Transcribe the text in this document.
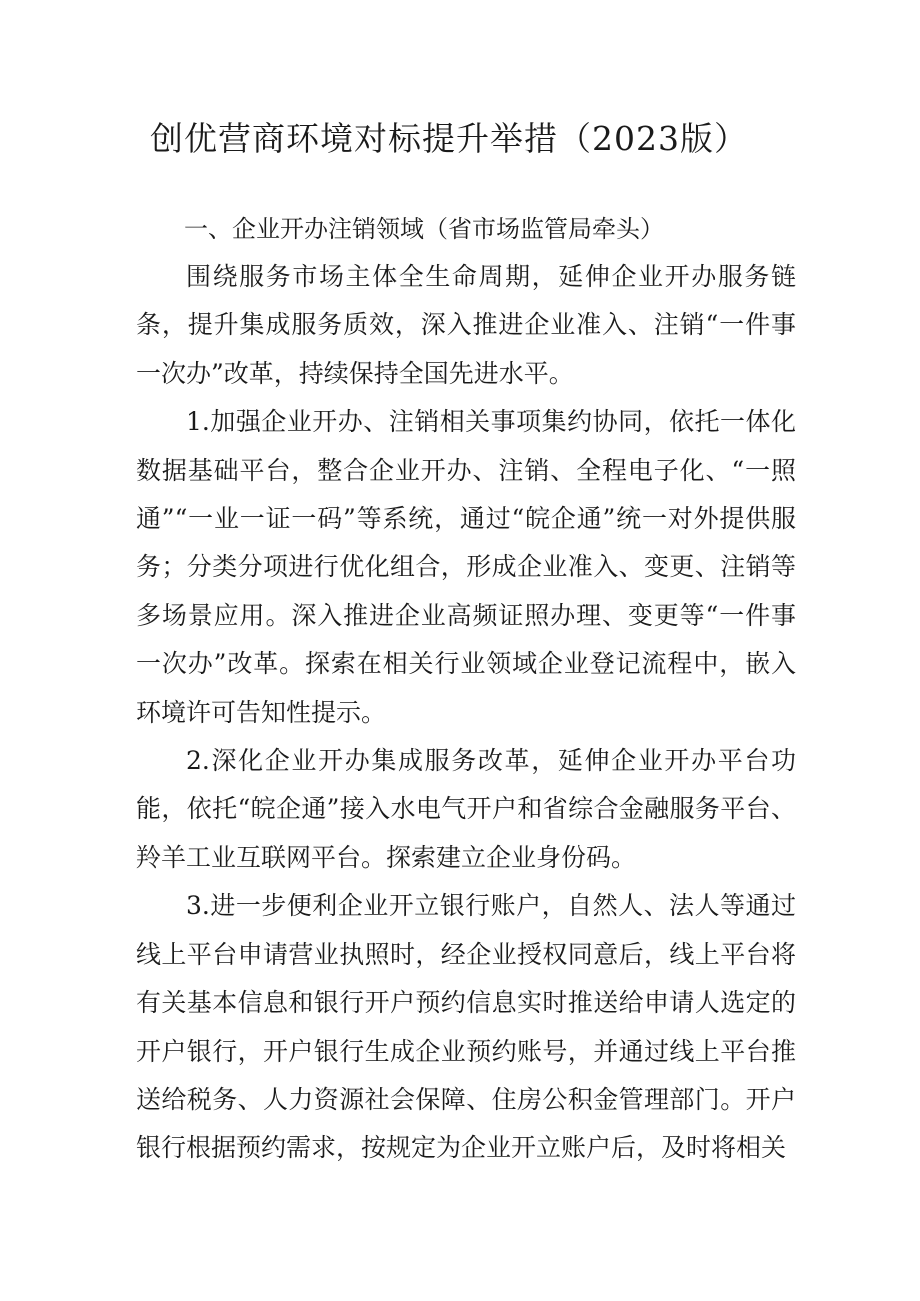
创优营商环境对标提升举措（2023版）
一、企业开办注销领域（省市场监管局牵头）

围绕服务市场主体全生命周期，延伸企业开办服务链条，提升集成服务质效，深入推进企业准入、注销“一件事一次办”改革，持续保持全国先进水平。

1.加强企业开办、注销相关事项集约协同，依托一体化数据基础平台，整合企业开办、注销、全程电子化、“一照通”“一业一证一码”等系统，通过“皖企通”统一对外提供服务；分类分项进行优化组合，形成企业准入、变更、注销等多场景应用。深入推进企业高频证照办理、变更等“一件事一次办”改革。探索在相关行业领域企业登记流程中，嵌入环境许可告知性提示。

2.深化企业开办集成服务改革，延伸企业开办平台功能，依托“皖企通”接入水电气开户和省综合金融服务平台、羚羊工业互联网平台。探索建立企业身份码。

3.进一步便利企业开立银行账户，自然人、法人等通过线上平台申请营业执照时，经企业授权同意后，线上平台将有关基本信息和银行开户预约信息实时推送给申请人选定的开户银行，开户银行生成企业预约账号，并通过线上平台推送给税务、人力资源社会保障、住房公积金管理部门。开户银行根据预约需求，按规定为企业开立账户后，及时将相关
